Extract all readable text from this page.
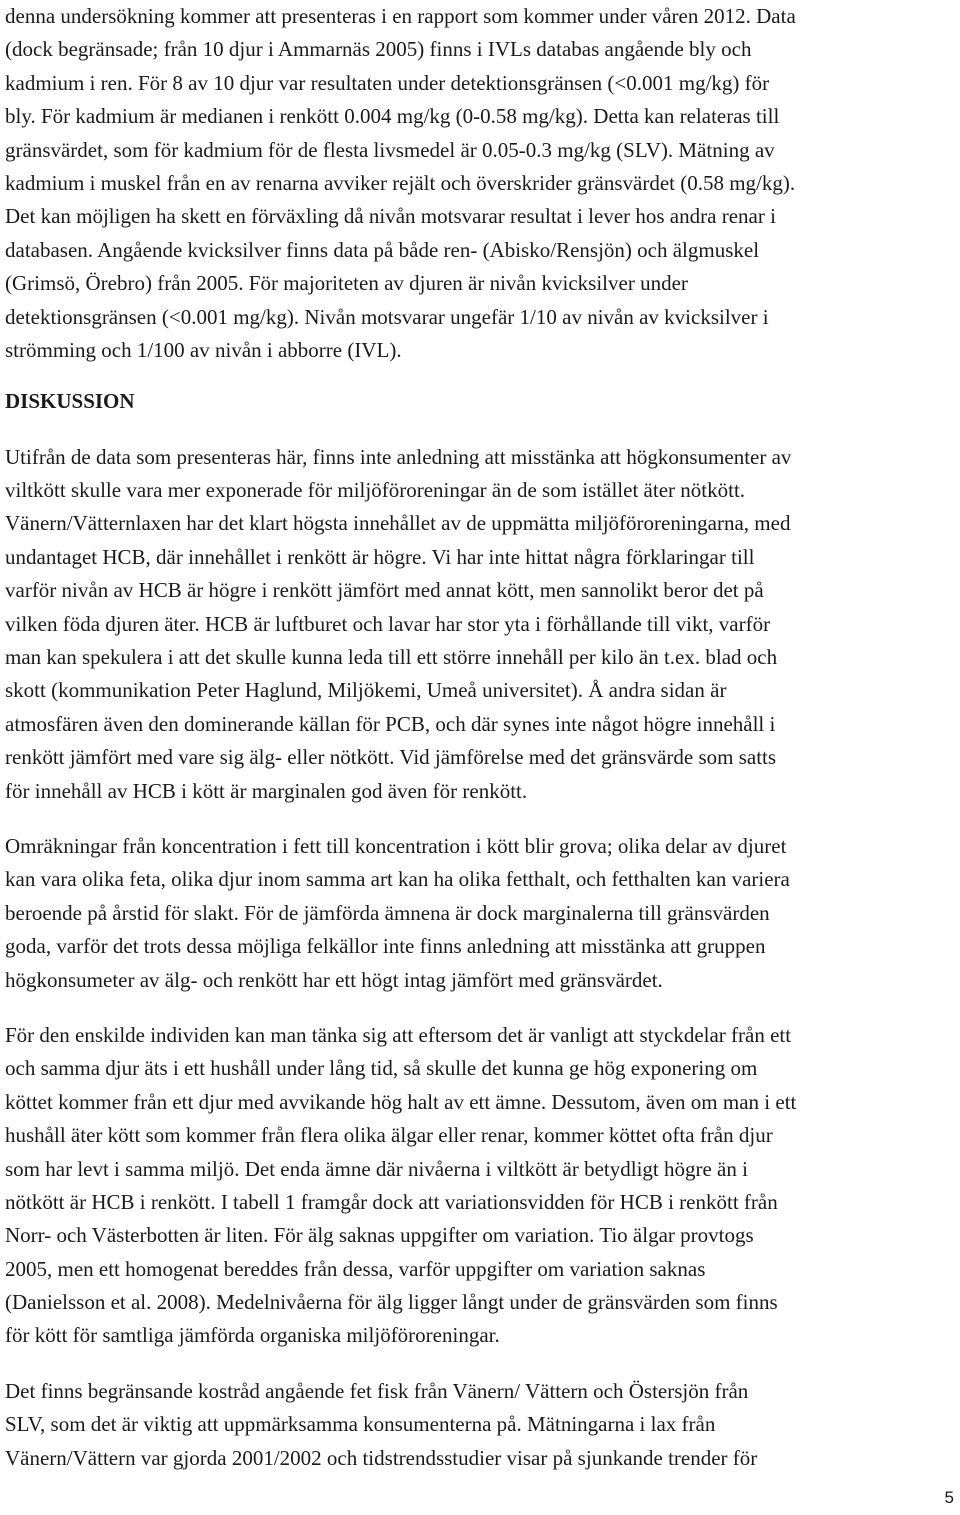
denna undersökning kommer att presenteras i en rapport som kommer under våren 2012. Data
(dock begränsade; från 10 djur i Ammarnäs 2005) finns i IVLs databas angående bly och
kadmium i ren. För 8 av 10 djur var resultaten under detektionsgränsen (<0.001 mg/kg) för
bly. För kadmium är medianen i renkött 0.004 mg/kg (0-0.58 mg/kg). Detta kan relateras till
gränsvärdet, som för kadmium för de flesta livsmedel är 0.05-0.3 mg/kg (SLV). Mätning av
kadmium i muskel från en av renarna avviker rejält och överskrider gränsvärdet (0.58 mg/kg).
Det kan möjligen ha skett en förväxling då nivån motsvarar resultat i lever hos andra renar i
databasen. Angående kvicksilver finns data på både ren- (Abisko/Rensjön) och älgmuskel
(Grimsö, Örebro) från 2005. För majoriteten av djuren är nivån kvicksilver under
detektionsgränsen (<0.001 mg/kg). Nivån motsvarar ungefär 1/10 av nivån av kvicksilver i
strömming och 1/100 av nivån i abborre (IVL).
DISKUSSION
Utifrån de data som presenteras här, finns inte anledning att misstänka att högkonsumenter av
viltkött skulle vara mer exponerade för miljöföroreningar än de som istället äter nötkött.
Vänern/Vätternlaxen har det klart högsta innehållet av de uppmätta miljöföroreningarna, med
undantaget HCB, där innehållet i renkött är högre. Vi har inte hittat några förklaringar till
varför nivån av HCB är högre i renkött jämfört med annat kött, men sannolikt beror det på
vilken föda djuren äter. HCB är luftburet och lavar har stor yta i förhållande till vikt, varför
man kan spekulera i att det skulle kunna leda till ett större innehåll per kilo än t.ex. blad och
skott (kommunikation Peter Haglund, Miljökemi, Umeå universitet). Å andra sidan är
atmosfären även den dominerande källan för PCB, och där synes inte något högre innehåll i
renkött jämfört med vare sig älg- eller nötkött. Vid jämförelse med det gränsvärde som satts
för innehåll av HCB i kött är marginalen god även för renkött.
Omräkningar från koncentration i fett till koncentration i kött blir grova; olika delar av djuret
kan vara olika feta, olika djur inom samma art kan ha olika fetthalt, och fetthalten kan variera
beroende på årstid för slakt. För de jämförda ämnena är dock marginalerna till gränsvärden
goda, varför det trots dessa möjliga felkällor inte finns anledning att misstänka att gruppen
högkonsumeter av älg- och renkött har ett högt intag jämfört med gränsvärdet.
För den enskilde individen kan man tänka sig att eftersom det är vanligt att styckdelar från ett
och samma djur äts i ett hushåll under lång tid, så skulle det kunna ge hög exponering om
köttet kommer från ett djur med avvikande hög halt av ett ämne. Dessutom, även om man i ett
hushåll äter kött som kommer från flera olika älgar eller renar, kommer köttet ofta från djur
som har levt i samma miljö. Det enda ämne där nivåerna i viltkött är betydligt högre än i
nötkött är HCB i renkött. I tabell 1 framgår dock att variationsvidden för HCB i renkött från
Norr- och Västerbotten är liten. För älg saknas uppgifter om variation. Tio älgar provtogs
2005, men ett homogenat bereddes från dessa, varför uppgifter om variation saknas
(Danielsson et al. 2008). Medelnivåerna för älg ligger långt under de gränsvärden som finns
för kött för samtliga jämförda organiska miljöföroreningar.
Det finns begränsande kostråd angående fet fisk från Vänern/ Vättern och Östersjön från
SLV, som det är viktig att uppmärksamma konsumenterna på. Mätningarna i lax från
Vänern/Vättern var gjorda 2001/2002 och tidstrendsstudier visar på sjunkande trender för
5
